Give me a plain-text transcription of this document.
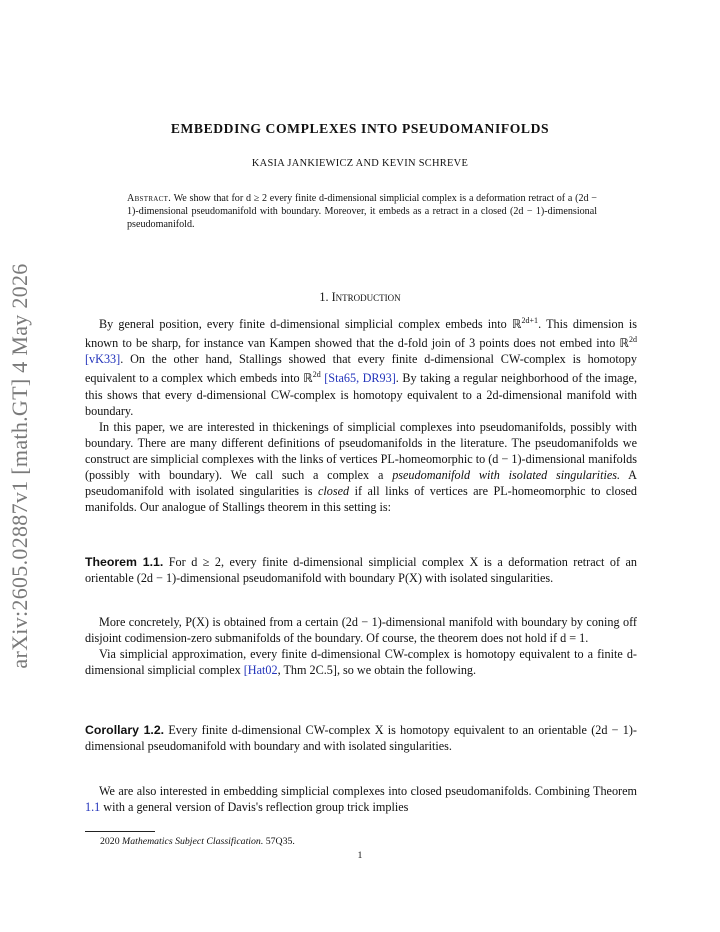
arXiv:2605.02887v1 [math.GT] 4 May 2026
EMBEDDING COMPLEXES INTO PSEUDOMANIFOLDS
KASIA JANKIEWICZ AND KEVIN SCHREVE
Abstract. We show that for d ≥ 2 every finite d-dimensional simplicial complex is a deformation retract of a (2d − 1)-dimensional pseudomanifold with boundary. Moreover, it embeds as a retract in a closed (2d − 1)-dimensional pseudomanifold.
1. Introduction

By general position, every finite d-dimensional simplicial complex embeds into ℝ$^{2d+1}$. This dimension is known to be sharp, for instance van Kampen showed that the d-fold join of 3 points does not embed into ℝ$^{2d}$ [vK33]. On the other hand, Stallings showed that every finite d-dimensional CW-complex is homotopy equivalent to a complex which embeds into ℝ$^{2d}$ [Sta65, DR93]. By taking a regular neighborhood of the image, this shows that every d-dimensional CW-complex is homotopy equivalent to a 2d-dimensional manifold with boundary.

In this paper, we are interested in thickenings of simplicial complexes into pseudomanifolds, possibly with boundary. There are many different definitions of pseudomanifolds in the literature. The pseudomanifolds we construct are simplicial complexes with the links of vertices PL-homeomorphic to (d − 1)-dimensional manifolds (possibly with boundary). We call such a complex a pseudomanifold with isolated singularities. A pseudomanifold with isolated singularities is closed if all links of vertices are PL-homeomorphic to closed manifolds. Our analogue of Stallings theorem in this setting is:

Theorem 1.1. For d ≥ 2, every finite d-dimensional simplicial complex X is a deformation retract of an orientable (2d − 1)-dimensional pseudomanifold with boundary P(X) with isolated singularities.

More concretely, P(X) is obtained from a certain (2d − 1)-dimensional manifold with boundary by coning off disjoint codimension-zero submanifolds of the boundary. Of course, the theorem does not hold if d = 1.

Via simplicial approximation, every finite d-dimensional CW-complex is homotopy equivalent to a finite d-dimensional simplicial complex [Hat02, Thm 2C.5], so we obtain the following.

Corollary 1.2. Every finite d-dimensional CW-complex X is homotopy equivalent to an orientable (2d − 1)-dimensional pseudomanifold with boundary and with isolated singularities.

We are also interested in embedding simplicial complexes into closed pseudomanifolds. Combining Theorem 1.1 with a general version of Davis's reflection group trick implies

2020 Mathematics Subject Classification. 57Q35.
1
